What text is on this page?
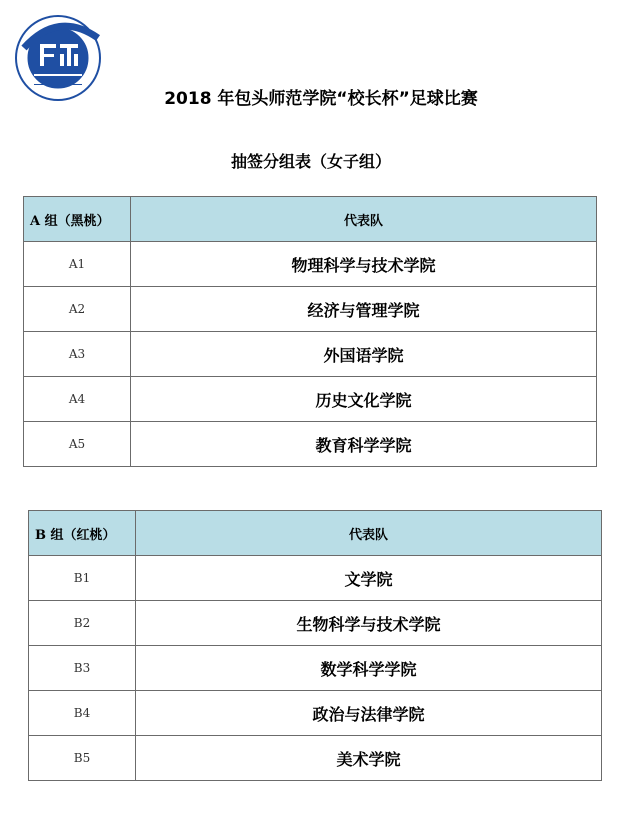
2018 年包头师范学院“校长杯”足球比赛
抽签分组表（女子组）
A 组（黑桃）	代表队
A1	物理科学与技术学院
A2	经济与管理学院
A3	外国语学院
A4	历史文化学院
A5	教育科学学院
B 组（红桃）	代表队
B1	文学院
B2	生物科学与技术学院
B3	数学科学学院
B4	政治与法律学院
B5	美术学院
